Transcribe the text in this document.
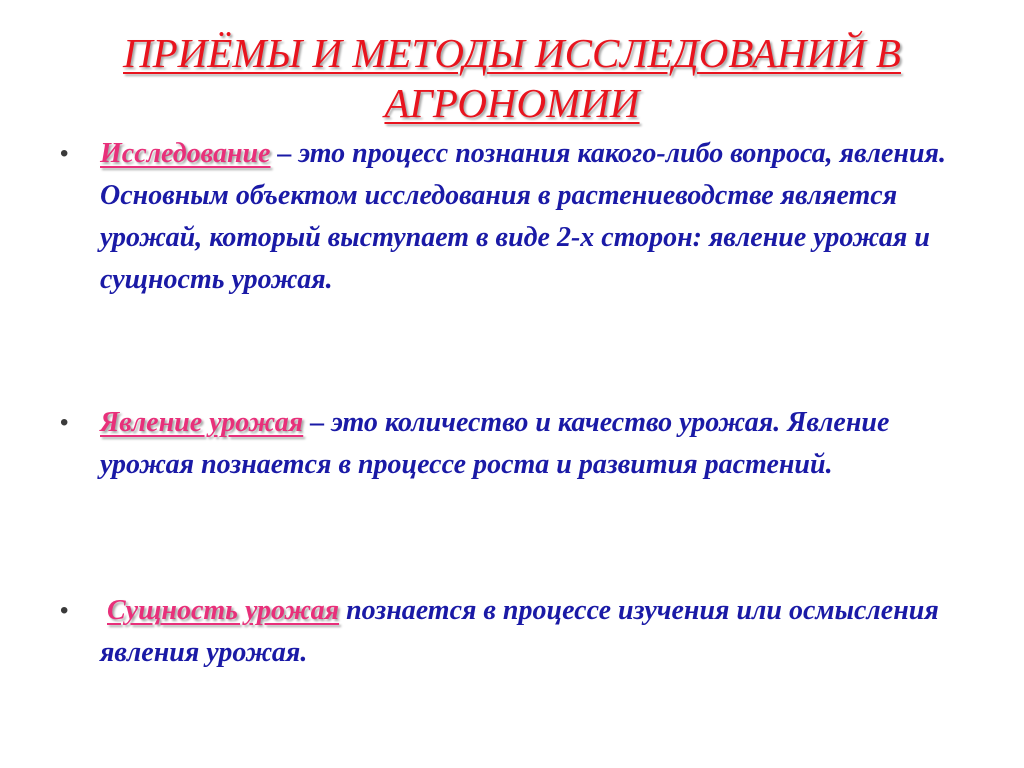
ПРИЁМЫ И МЕТОДЫ ИССЛЕДОВАНИЙ В
АГРОНОМИИ
• Исследование – это процесс познания какого-либо вопроса, явления. Основным объектом исследования в растениеводстве является урожай, который выступает в виде 2-х сторон: явление урожая и сущность урожая.

• Явление урожая – это количество и качество урожая. Явление урожая познается в процессе роста и развития растений.

• Сущность урожая познается в процессе изучения или осмысления явления урожая.
